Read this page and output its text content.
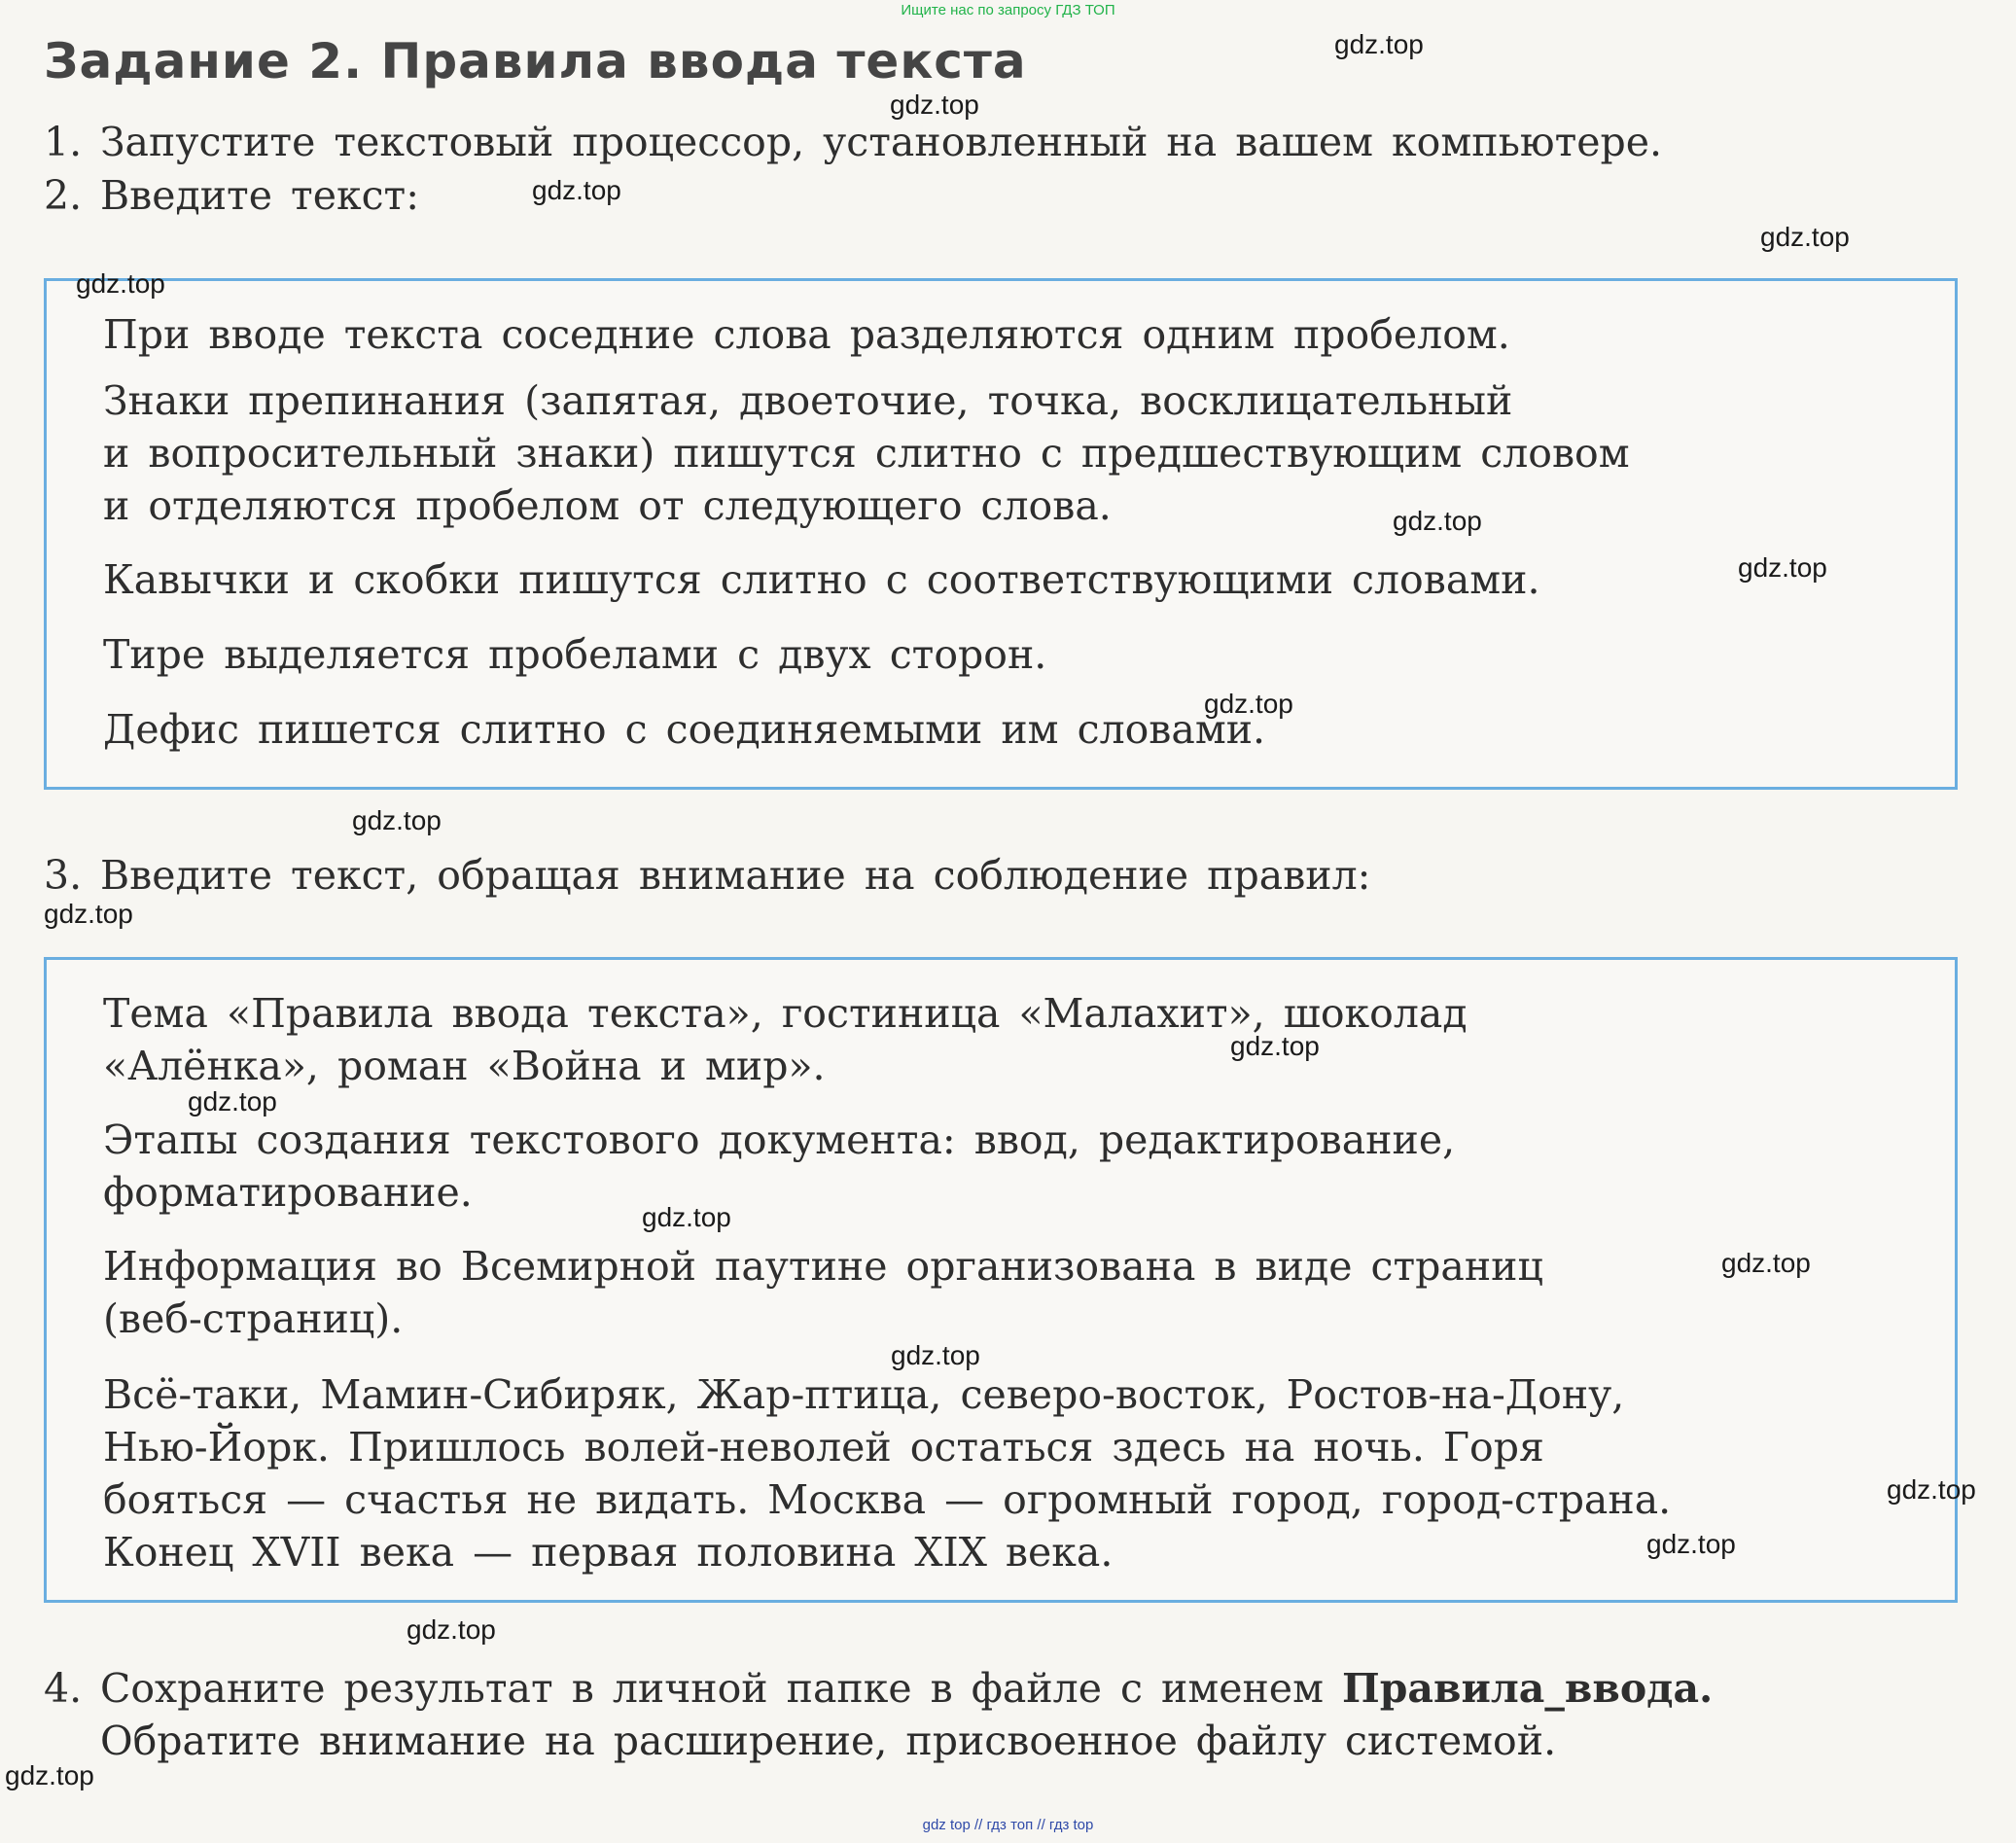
Ищите нас по запросу ГДЗ ТОП
Задание 2. Правила ввода текста
1. Запустите текстовый процессор, установленный на вашем компьютере.
2. Введите текст:
При вводе текста соседние слова разделяются одним пробелом.
Знаки препинания (запятая, двоеточие, точка, восклицательный
и вопросительный знаки) пишутся слитно с предшествующим словом
и отделяются пробелом от следующего слова.
Кавычки и скобки пишутся слитно с соответствующими словами.
Тире выделяется пробелами с двух сторон.
Дефис пишется слитно с соединяемыми им словами.
3. Введите текст, обращая внимание на соблюдение правил:
Тема «Правила ввода текста», гостиница «Малахит», шоколад
«Алёнка», роман «Война и мир».
Этапы создания текстового документа: ввод, редактирование,
форматирование.
Информация во Всемирной паутине организована в виде страниц
(веб-страниц).
Всё-таки, Мамин-Сибиряк, Жар-птица, северо-восток, Ростов-на-Дону,
Нью-Йорк. Пришлось волей-неволей остаться здесь на ночь. Горя
бояться — счастья не видать. Москва — огромный город, город-страна.
Конец XVII века — первая половина XIX века.
4. Сохраните результат в личной папке в файле с именем Правила_ввода.
Обратите внимание на расширение, присвоенное файлу системой.
gdz.top
gdz.top
gdz.top
gdz.top
gdz.top
gdz.top
gdz.top
gdz.top
gdz.top
gdz.top
gdz.top
gdz.top
gdz.top
gdz.top
gdz.top
gdz.top
gdz.top
gdz.top
gdz.top
gdz top // гдз топ // гдз top
